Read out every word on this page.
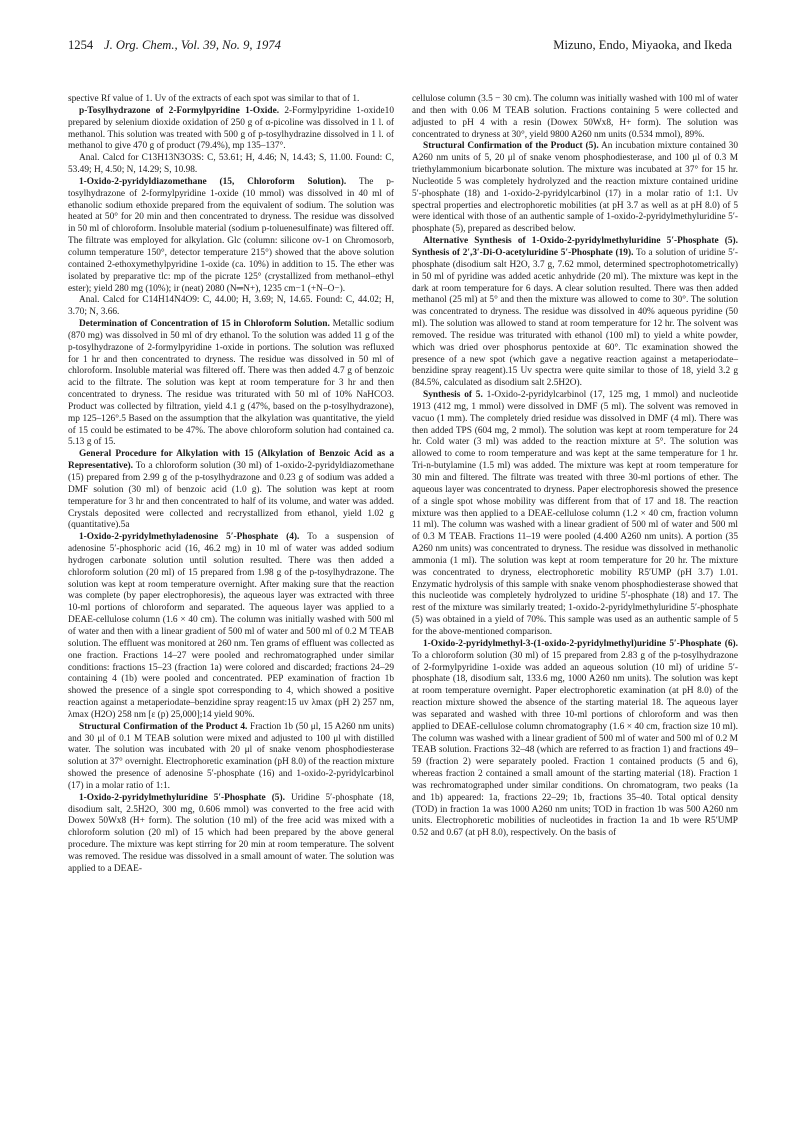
1254 J. Org. Chem., Vol. 39, No. 9, 1974	Mizuno, Endo, Miyaoka, and Ikeda

spective Rf value of 1. Uv of the extracts of each spot was similar to that of 1.

p-Tosylhydrazone of 2-Formylpyridine 1-Oxide. 2-Formylpyridine 1-oxide10 prepared by selenium dioxide oxidation of 250 g of α-picoline was dissolved in 1 l. of methanol. This solution was treated with 500 g of p-tosylhydrazine dissolved in 1 l. of methanol to give 470 g of product (79.4%), mp 135–137°.

Anal. Calcd for C13H13N3O3S: C, 53.61; H, 4.46; N, 14.43; S, 11.00. Found: C, 53.49; H, 4.50; N, 14.29; S, 10.98.

1-Oxido-2-pyridyldiazomethane (15, Chloroform Solution). The p-tosylhydrazone of 2-formylpyridine 1-oxide (10 mmol) was dissolved in 40 ml of ethanolic sodium ethoxide prepared from the equivalent of sodium. The solution was heated at 50° for 20 min and then concentrated to dryness. The residue was dissolved in 50 ml of chloroform. Insoluble material (sodium p-toluenesulfinate) was filtered off. The filtrate was employed for alkylation. Glc (column: silicone ov-1 on Chromosorb, column temperature 150°, detector temperature 215°) showed that the above solution contained 2-ethoxymethylpyridine 1-oxide (ca. 10%) in addition to 15. The ether was isolated by preparative tlc: mp of the picrate 125° (crystallized from methanol–ethyl ester); yield 280 mg (10%); ir (neat) 2080 (N═N+), 1235 cm−1 (+N–O−).

Anal. Calcd for C14H14N4O9: C, 44.00; H, 3.69; N, 14.65. Found: C, 44.02; H, 3.70; N, 3.66.

Determination of Concentration of 15 in Chloroform Solution. Metallic sodium (870 mg) was dissolved in 50 ml of dry ethanol. To the solution was added 11 g of the p-tosylhydrazone of 2-formylpyridine 1-oxide in portions. The solution was refluxed for 1 hr and then concentrated to dryness. The residue was dissolved in 50 ml of chloroform. Insoluble material was filtered off. There was then added 4.7 g of benzoic acid to the filtrate. The solution was kept at room temperature for 3 hr and then concentrated to dryness. The residue was triturated with 50 ml of 10% NaHCO3. Product was collected by filtration, yield 4.1 g (47%, based on the p-tosylhydrazone), mp 125–126°.5 Based on the assumption that the alkylation was quantitative, the yield of 15 could be estimated to be 47%. The above chloroform solution had contained ca. 5.13 g of 15.

General Procedure for Alkylation with 15 (Alkylation of Benzoic Acid as a Representative). To a chloroform solution (30 ml) of 1-oxido-2-pyridyldiazomethane (15) prepared from 2.99 g of the p-tosylhydrazone and 0.23 g of sodium was added a DMF solution (30 ml) of benzoic acid (1.0 g). The solution was kept at room temperature for 3 hr and then concentrated to half of its volume, and water was added. Crystals deposited were collected and recrystallized from ethanol, yield 1.02 g (quantitative).5a

1-Oxido-2-pyridylmethyladenosine 5′-Phosphate (4). To a suspension of adenosine 5′-phosphoric acid (16, 46.2 mg) in 10 ml of water was added sodium hydrogen carbonate solution until solution resulted. There was then added a chloroform solution (20 ml) of 15 prepared from 1.98 g of the p-tosylhydrazone. The solution was kept at room temperature overnight. After making sure that the reaction was complete (by paper electrophoresis), the aqueous layer was extracted with three 10-ml portions of chloroform and separated. The aqueous layer was applied to a DEAE-cellulose column (1.6 × 40 cm). The column was initially washed with 500 ml of water and then with a linear gradient of 500 ml of water and 500 ml of 0.2 M TEAB solution. The effluent was monitored at 260 nm. Ten grams of effluent was collected as one fraction. Fractions 14–27 were pooled and rechromatographed under similar conditions: fractions 15–23 (fraction 1a) were colored and discarded; fractions 24–29 containing 4 (1b) were pooled and concentrated. PEP examination of fraction 1b showed the presence of a single spot corresponding to 4, which showed a positive reaction against a metaperiodate–benzidine spray reagent:15 uv λmax (pH 2) 257 nm, λmax (H2O) 258 nm [ε (p) 25,000];14 yield 90%.

Structural Confirmation of the Product 4. Fraction 1b (50 μl, 15 A260 nm units) and 30 μl of 0.1 M TEAB solution were mixed and adjusted to 100 μl with distilled water. The solution was incubated with 20 μl of snake venom phosphodiesterase solution at 37° overnight. Electrophoretic examination (pH 8.0) of the reaction mixture showed the presence of adenosine 5′-phosphate (16) and 1-oxido-2-pyridylcarbinol (17) in a molar ratio of 1:1.

1-Oxido-2-pyridylmethyluridine 5′-Phosphate (5). Uridine 5′-phosphate (18, disodium salt, 2.5H2O, 300 mg, 0.606 mmol) was converted to the free acid with Dowex 50Wx8 (H+ form). The solution (10 ml) of the free acid was mixed with a chloroform solution (20 ml) of 15 which had been prepared by the above general procedure. The mixture was kept stirring for 20 min at room temperature. The solvent was removed. The residue was dissolved in a small amount of water. The solution was applied to a DEAE-

cellulose column (3.5 − 30 cm). The column was initially washed with 100 ml of water and then with 0.06 M TEAB solution. Fractions containing 5 were collected and adjusted to pH 4 with a resin (Dowex 50Wx8, H+ form). The solution was concentrated to dryness at 30°, yield 9800 A260 nm units (0.534 mmol), 89%.

Structural Confirmation of the Product (5). An incubation mixture contained 30 A260 nm units of 5, 20 μl of snake venom phosphodiesterase, and 100 μl of 0.3 M triethylammonium bicarbonate solution. The mixture was incubated at 37° for 15 hr. Nucleotide 5 was completely hydrolyzed and the reaction mixture contained uridine 5′-phosphate (18) and 1-oxido-2-pyridylcarbinol (17) in a molar ratio of 1:1. Uv spectral properties and electrophoretic mobilities (at pH 3.7 as well as at pH 8.0) of 5 were identical with those of an authentic sample of 1-oxido-2-pyridylmethyluridine 5′-phosphate (5), prepared as described below.

Alternative Synthesis of 1-Oxido-2-pyridylmethyluridine 5′-Phosphate (5). Synthesis of 2′,3′-Di-O-acetyluridine 5′-Phosphate (19). To a solution of uridine 5′-phosphate (disodium salt H2O, 3.7 g, 7.62 mmol, determined spectrophotometrically) in 50 ml of pyridine was added acetic anhydride (20 ml). The mixture was kept in the dark at room temperature for 6 days. A clear solution resulted. There was then added methanol (25 ml) at 5° and then the mixture was allowed to come to 30°. The solution was concentrated to dryness. The residue was dissolved in 40% aqueous pyridine (50 ml). The solution was allowed to stand at room temperature for 12 hr. The solvent was removed. The residue was triturated with ethanol (100 ml) to yield a white powder, which was dried over phosphorus pentoxide at 60°. Tlc examination showed the presence of a new spot (which gave a negative reaction against a metaperiodate–benzidine spray reagent).15 Uv spectra were quite similar to those of 18, yield 3.2 g (84.5%, calculated as disodium salt 2.5H2O).

Synthesis of 5. 1-Oxido-2-pyridylcarbinol (17, 125 mg, 1 mmol) and nucleotide 1913 (412 mg, 1 mmol) were dissolved in DMF (5 ml). The solvent was removed in vacuo (1 mm). The completely dried residue was dissolved in DMF (4 ml). There was then added TPS (604 mg, 2 mmol). The solution was kept at room temperature for 24 hr. Cold water (3 ml) was added to the reaction mixture at 5°. The solution was allowed to come to room temperature and was kept at the same temperature for 1 hr. Tri-n-butylamine (1.5 ml) was added. The mixture was kept at room temperature for 30 min and filtered. The filtrate was treated with three 30-ml portions of ether. The aqueous layer was concentrated to dryness. Paper electrophoresis showed the presence of a single spot whose mobility was different from that of 17 and 18. The reaction mixture was then applied to a DEAE-cellulose column (1.2 × 40 cm, fraction volumn 11 ml). The column was washed with a linear gradient of 500 ml of water and 500 ml of 0.3 M TEAB. Fractions 11–19 were pooled (4.400 A260 nm units). A portion (35 A260 nm units) was concentrated to dryness. The residue was dissolved in methanolic ammonia (1 ml). The solution was kept at room temperature for 20 hr. The mixture was concentrated to dryness, electrophoretic mobility R5′UMP (pH 3.7) 1.01. Enzymatic hydrolysis of this sample with snake venom phosphodiesterase showed that this nucleotide was completely hydrolyzed to uridine 5′-phosphate (18) and 17. The rest of the mixture was similarly treated; 1-oxido-2-pyridylmethyluridine 5′-phosphate (5) was obtained in a yield of 70%. This sample was used as an authentic sample of 5 for the above-mentioned comparison.

1-Oxido-2-pyridylmethyl-3-(1-oxido-2-pyridylmethyl)uridine 5′-Phosphate (6). To a chloroform solution (30 ml) of 15 prepared from 2.83 g of the p-tosylhydrazone of 2-formylpyridine 1-oxide was added an aqueous solution (10 ml) of uridine 5′-phosphate (18, disodium salt, 133.6 mg, 1000 A260 nm units). The solution was kept at room temperature overnight. Paper electrophoretic examination (at pH 8.0) of the reaction mixture showed the absence of the starting material 18. The aqueous layer was separated and washed with three 10-ml portions of chloroform and was then applied to DEAE-cellulose column chromatography (1.6 × 40 cm, fraction size 10 ml). The column was washed with a linear gradient of 500 ml of water and 500 ml of 0.2 M TEAB solution. Fractions 32–48 (which are referred to as fraction 1) and fractions 49–59 (fraction 2) were separately pooled. Fraction 1 contained products (5 and 6), whereas fraction 2 contained a small amount of the starting material (18). Fraction 1 was rechromatographed under similar conditions. On chromatogram, two peaks (1a and 1b) appeared: 1a, fractions 22–29; 1b, fractions 35–40. Total optical density (TOD) in fraction 1a was 1000 A260 nm units; TOD in fraction 1b was 500 A260 nm units. Electrophoretic mobilities of nucleotides in fraction 1a and 1b were R5′UMP 0.52 and 0.67 (at pH 8.0), respectively. On the basis of
